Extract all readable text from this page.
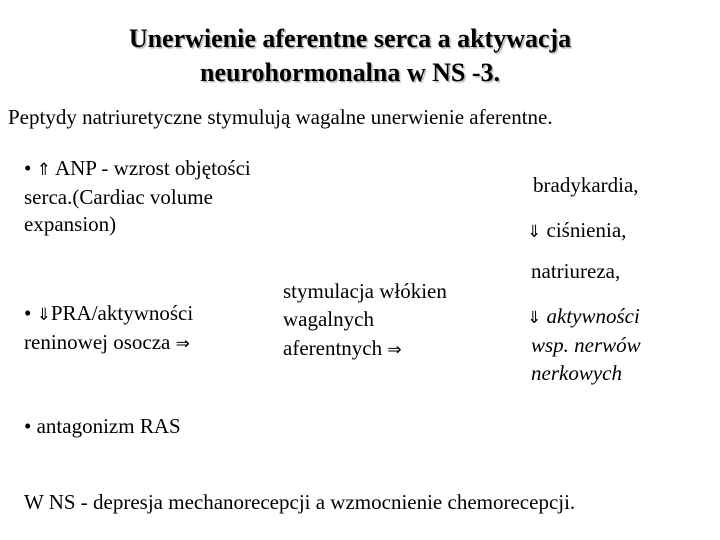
Unerwienie aferentne serca a aktywacja
neurohormonalna w NS -3.
Peptydy natriuretyczne stymulują wagalne unerwienie aferentne.
• ⇑ ANP - wzrost objętości
serca.(Cardiac volume
expansion)
• ⇓PRA/aktywności
reninowej osocza ⇒
stymulacja włókien
wagalnych
aferentnych ⇒
bradykardia,
⇓ ciśnienia,
natriureza,
⇓ aktywności
wsp. nerwów
nerkowych
• antagonizm RAS
W NS - depresja mechanorecepcji a wzmocnienie chemorecepcji.
